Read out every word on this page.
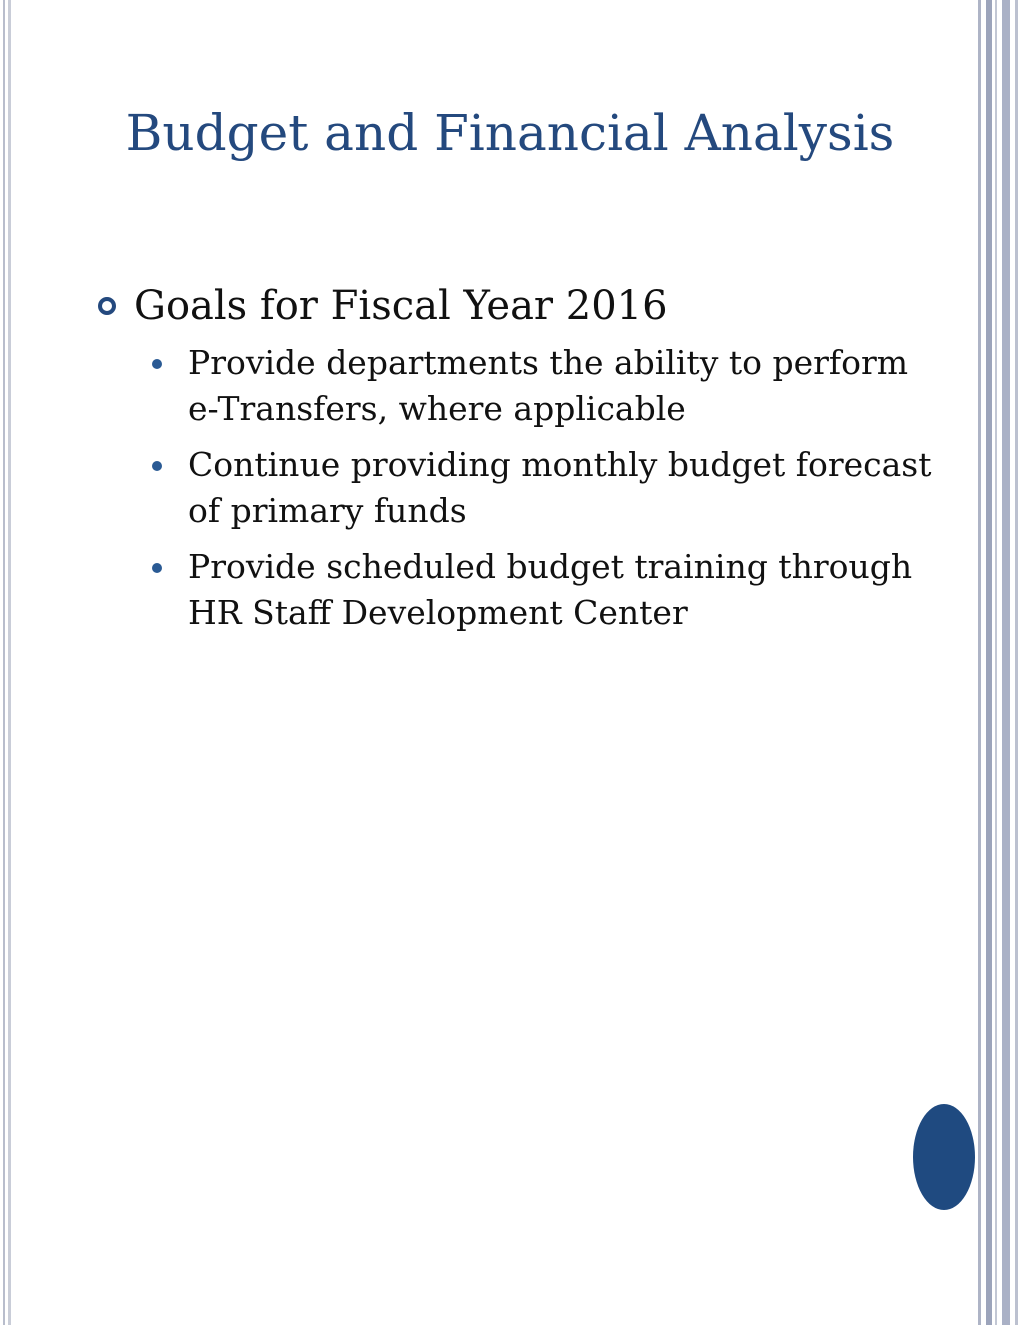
Budget and Financial Analysis

Goals for Fiscal Year 2016

Provide departments the ability to perform e-Transfers, where applicable

Continue providing monthly budget forecast of primary funds

Provide scheduled budget training through HR Staff Development Center
